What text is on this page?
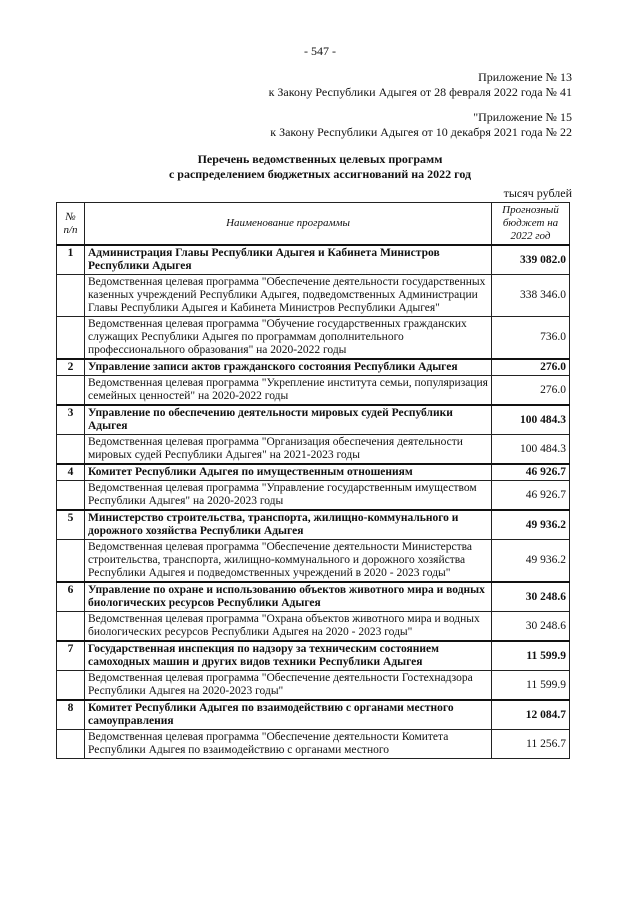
- 547 -
Приложение № 13
к Закону Республики Адыгея от 28 февраля 2022 года № 41
"Приложение № 15
к Закону Республики Адыгея от 10 декабря 2021 года № 22
Перечень ведомственных целевых программ
с распределением бюджетных ассигнований на 2022 год
тысяч рублей
№ п/п	Наименование программы	Прогнозный бюджет на 2022 год
1	Администрация Главы Республики Адыгея и Кабинета Министров Республики Адыгея	339 082.0
	Ведомственная целевая программа "Обеспечение деятельности государственных казенных учреждений Республики Адыгея, подведомственных Администрации Главы Республики Адыгея и Кабинета Министров Республики Адыгея"	338 346.0
	Ведомственная целевая программа "Обучение государственных гражданских служащих Республики Адыгея по программам дополнительного профессионального образования" на 2020-2022 годы	736.0
2	Управление записи актов гражданского состояния Республики Адыгея	276.0
	Ведомственная целевая программа "Укрепление института семьи, популяризация семейных ценностей" на 2020-2022 годы	276.0
3	Управление по обеспечению деятельности мировых судей Республики Адыгея	100 484.3
	Ведомственная целевая программа "Организация обеспечения деятельности мировых судей Республики Адыгея" на 2021-2023 годы	100 484.3
4	Комитет Республики Адыгея по имущественным отношениям	46 926.7
	Ведомственная целевая программа "Управление государственным имуществом Республики Адыгея" на 2020-2023 годы	46 926.7
5	Министерство строительства, транспорта, жилищно-коммунального и дорожного хозяйства Республики Адыгея	49 936.2
	Ведомственная целевая программа "Обеспечение деятельности Министерства строительства, транспорта, жилищно-коммунального и дорожного хозяйства Республики Адыгея и подведомственных учреждений в 2020 - 2023 годы"	49 936.2
6	Управление по охране и использованию объектов животного мира и водных биологических ресурсов Республики Адыгея	30 248.6
	Ведомственная целевая программа "Охрана объектов животного мира и водных биологических ресурсов Республики Адыгея на 2020 - 2023 годы"	30 248.6
7	Государственная инспекция по надзору за техническим состоянием самоходных машин и других видов техники Республики Адыгея	11 599.9
	Ведомственная целевая программа "Обеспечение деятельности Гостехнадзора Республики Адыгея на 2020-2023 годы"	11 599.9
8	Комитет Республики Адыгея по взаимодействию с органами местного самоуправления	12 084.7
	Ведомственная целевая программа "Обеспечение деятельности Комитета Республики Адыгея по взаимодействию с органами местного	11 256.7
